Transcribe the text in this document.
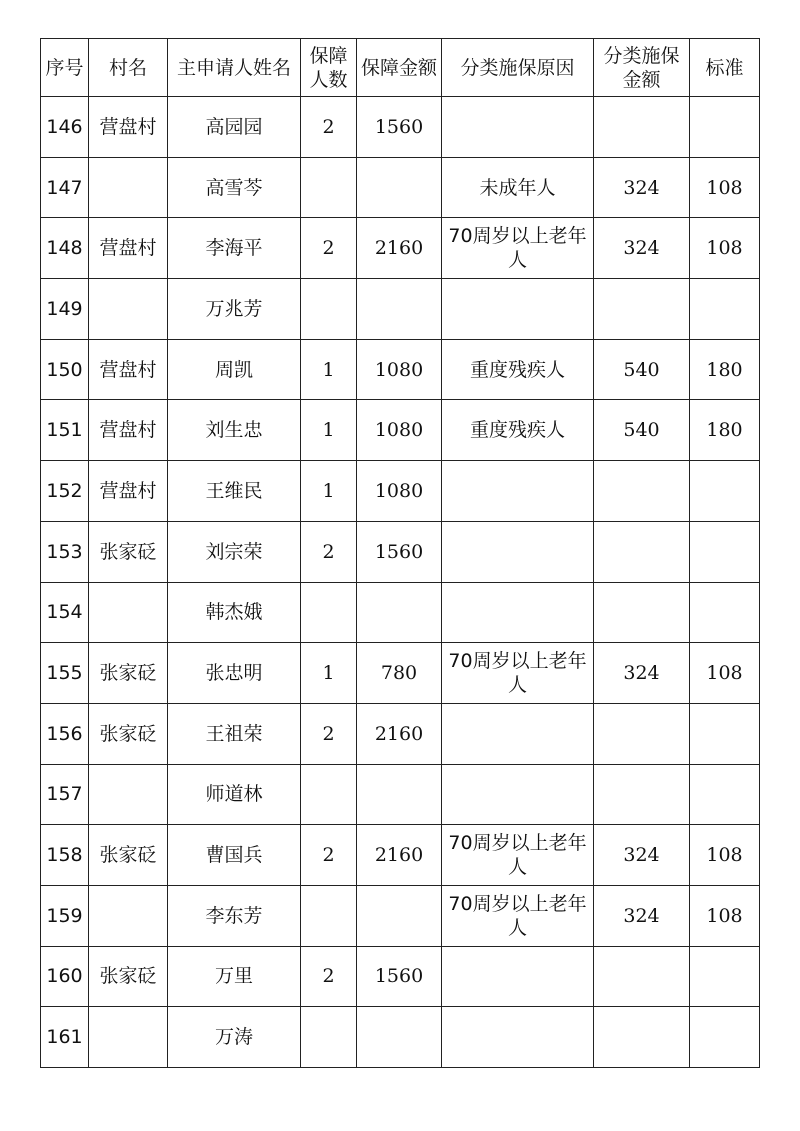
序号	村名	主申请人姓名	保障人数	保障金额	分类施保原因	分类施保金额	标准
146	营盘村	高园园	2	1560			
147		高雪芩			未成年人	324	108
148	营盘村	李海平	2	2160	70周岁以上老年人	324	108
149		万兆芳					
150	营盘村	周凯	1	1080	重度残疾人	540	180
151	营盘村	刘生忠	1	1080	重度残疾人	540	180
152	营盘村	王维民	1	1080			
153	张家砭	刘宗荣	2	1560			
154		韩杰娥					
155	张家砭	张忠明	1	780	70周岁以上老年人	324	108
156	张家砭	王祖荣	2	2160			
157		师道林					
158	张家砭	曹国兵	2	2160	70周岁以上老年人	324	108
159		李东芳			70周岁以上老年人	324	108
160	张家砭	万里	2	1560			
161		万涛					
